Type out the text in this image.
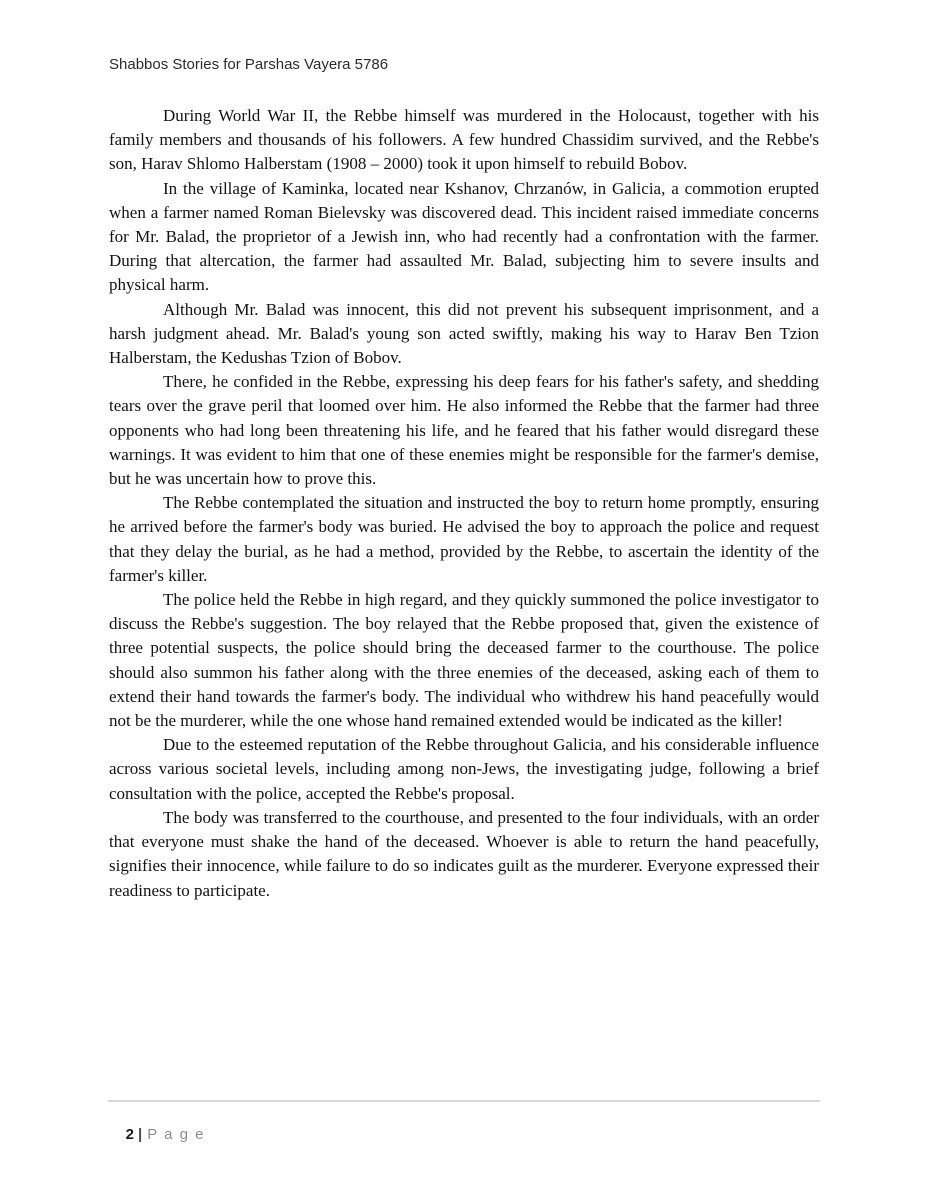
Shabbos Stories for Parshas Vayera 5786

During World War II, the Rebbe himself was murdered in the Holocaust, together with his family members and thousands of his followers. A few hundred Chassidim survived, and the Rebbe's son, Harav Shlomo Halberstam (1908 – 2000) took it upon himself to rebuild Bobov.

In the village of Kaminka, located near Kshanov, Chrzanów, in Galicia, a commotion erupted when a farmer named Roman Bielevsky was discovered dead. This incident raised immediate concerns for Mr. Balad, the proprietor of a Jewish inn, who had recently had a confrontation with the farmer. During that altercation, the farmer had assaulted Mr. Balad, subjecting him to severe insults and physical harm.

Although Mr. Balad was innocent, this did not prevent his subsequent imprisonment, and a harsh judgment ahead. Mr. Balad's young son acted swiftly, making his way to Harav Ben Tzion Halberstam, the Kedushas Tzion of Bobov.

There, he confided in the Rebbe, expressing his deep fears for his father's safety, and shedding tears over the grave peril that loomed over him. He also informed the Rebbe that the farmer had three opponents who had long been threatening his life, and he feared that his father would disregard these warnings. It was evident to him that one of these enemies might be responsible for the farmer's demise, but he was uncertain how to prove this.

The Rebbe contemplated the situation and instructed the boy to return home promptly, ensuring he arrived before the farmer's body was buried. He advised the boy to approach the police and request that they delay the burial, as he had a method, provided by the Rebbe, to ascertain the identity of the farmer's killer.

The police held the Rebbe in high regard, and they quickly summoned the police investigator to discuss the Rebbe's suggestion. The boy relayed that the Rebbe proposed that, given the existence of three potential suspects, the police should bring the deceased farmer to the courthouse. The police should also summon his father along with the three enemies of the deceased, asking each of them to extend their hand towards the farmer's body. The individual who withdrew his hand peacefully would not be the murderer, while the one whose hand remained extended would be indicated as the killer!

Due to the esteemed reputation of the Rebbe throughout Galicia, and his considerable influence across various societal levels, including among non-Jews, the investigating judge, following a brief consultation with the police, accepted the Rebbe's proposal.

The body was transferred to the courthouse, and presented to the four individuals, with an order that everyone must shake the hand of the deceased. Whoever is able to return the hand peacefully, signifies their innocence, while failure to do so indicates guilt as the murderer. Everyone expressed their readiness to participate.

2 | P a g e
